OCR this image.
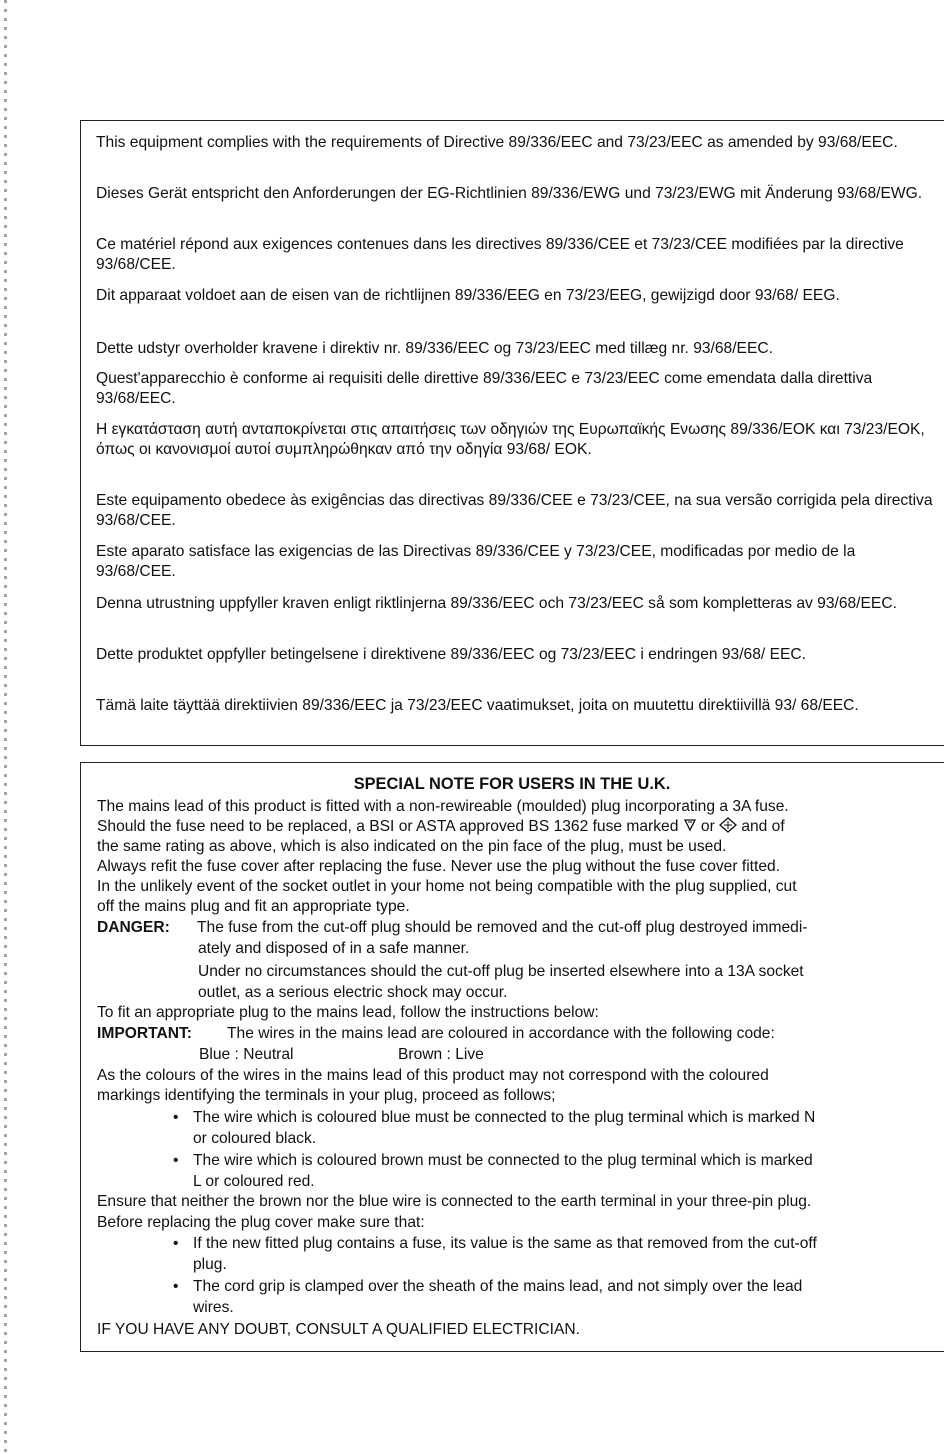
This equipment complies with the requirements of Directive 89/336/EEC and 73/23/EEC as amended by 93/68/EEC.

Dieses Gerät entspricht den Anforderungen der EG-Richtlinien 89/336/EWG und 73/23/EWG mit Änderung 93/68/EWG.

Ce matériel répond aux exigences contenues dans les directives 89/336/CEE et 73/23/CEE modifiées par la directive 93/68/CEE.

Dit apparaat voldoet aan de eisen van de richtlijnen 89/336/EEG en 73/23/EEG, gewijzigd door 93/68/ EEG.

Dette udstyr overholder kravene i direktiv nr. 89/336/EEC og 73/23/EEC med tillæg nr. 93/68/EEC.

Quest'apparecchio è conforme ai requisiti delle direttive 89/336/EEC e 73/23/EEC come emendata dalla direttiva 93/68/EEC.

Η εγκατάσταση αυτή ανταποκρίνεται στις απαιτήσεις των οδηγιών της Ευρωπαϊκής Ενωσης 89/336/ΕΟΚ και 73/23/ΕΟΚ, όπως οι κανονισμοί αυτοί συμπληρώθηκαν από την οδηγία 93/68/ ΕΟΚ.

Este equipamento obedece às exigências das directivas 89/336/CEE e 73/23/CEE, na sua versão corrigida pela directiva 93/68/CEE.

Este aparato satisface las exigencias de las Directivas 89/336/CEE y 73/23/CEE, modificadas por medio de la 93/68/CEE.

Denna utrustning uppfyller kraven enligt riktlinjerna 89/336/EEC och 73/23/EEC så som kompletteras av 93/68/EEC.

Dette produktet oppfyller betingelsene i direktivene 89/336/EEC og 73/23/EEC i endringen 93/68/ EEC.

Tämä laite täyttää direktiivien 89/336/EEC ja 73/23/EEC vaatimukset, joita on muutettu direktiivillä 93/ 68/EEC.

SPECIAL NOTE FOR USERS IN THE U.K.
The mains lead of this product is fitted with a non-rewireable (moulded) plug incorporating a 3A fuse.
Should the fuse need to be replaced, a BSI or ASTA approved BS 1362 fuse marked or and of
the same rating as above, which is also indicated on the pin face of the plug, must be used.
Always refit the fuse cover after replacing the fuse. Never use the plug without the fuse cover fitted.
In the unlikely event of the socket outlet in your home not being compatible with the plug supplied, cut
off the mains plug and fit an appropriate type.
DANGER: The fuse from the cut-off plug should be removed and the cut-off plug destroyed immedi-
ately and disposed of in a safe manner.
Under no circumstances should the cut-off plug be inserted elsewhere into a 13A socket
outlet, as a serious electric shock may occur.
To fit an appropriate plug to the mains lead, follow the instructions below:
IMPORTANT: The wires in the mains lead are coloured in accordance with the following code:
Blue : Neutral	Brown : Live
As the colours of the wires in the mains lead of this product may not correspond with the coloured
markings identifying the terminals in your plug, proceed as follows;
• The wire which is coloured blue must be connected to the plug terminal which is marked N
or coloured black.
• The wire which is coloured brown must be connected to the plug terminal which is marked
L or coloured red.
Ensure that neither the brown nor the blue wire is connected to the earth terminal in your three-pin plug.
Before replacing the plug cover make sure that:
• If the new fitted plug contains a fuse, its value is the same as that removed from the cut-off
plug.
• The cord grip is clamped over the sheath of the mains lead, and not simply over the lead
wires.
IF YOU HAVE ANY DOUBT, CONSULT A QUALIFIED ELECTRICIAN.
